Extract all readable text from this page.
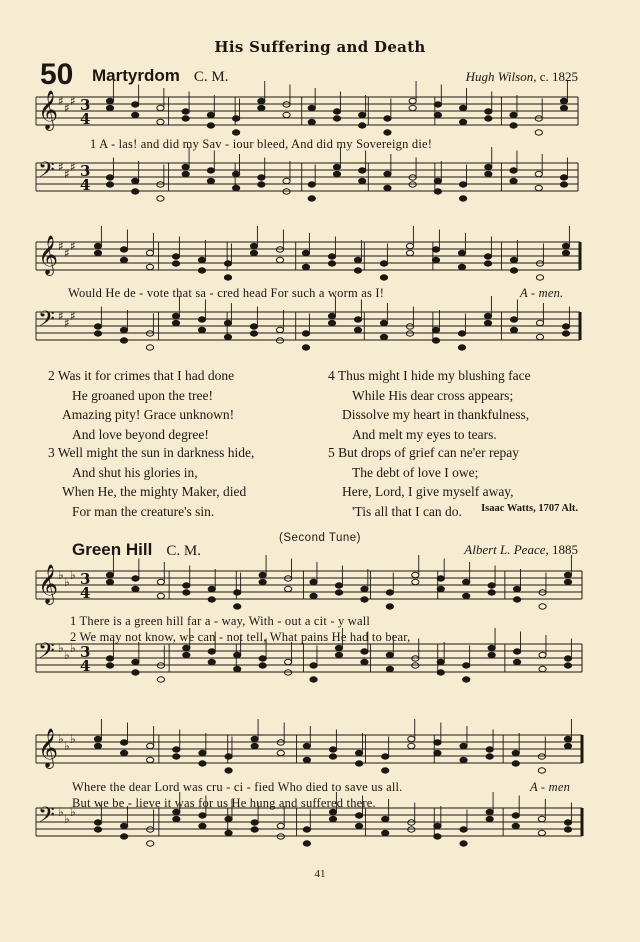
His Suffering and Death
50 Martyrdom C. M.	Hugh Wilson, c. 1825
𝄞 ♯ ♯ ♯ 3
4
𝄢 ♯ ♯ ♯ 3
4
𝄞 ♯ ♯ ♯
𝄢 ♯ ♯ ♯
𝄞 ♭ ♭ ♭ 3
4
𝄢 ♭ ♭ ♭ 3
4
𝄞 ♭ ♭ ♭
𝄢 ♭ ♭ ♭
1 A - las! and did my Sav - iour bleed, And did my Sovereign die!
Would He de - vote that sa - cred head For such a worm as I!	A - men.
2 Was it for crimes that I had done
He groaned upon the tree!
Amazing pity! Grace unknown!
And love beyond degree!
3 Well might the sun in darkness hide,
And shut his glories in,
When He, the mighty Maker, died
For man the creature's sin.
4 Thus might I hide my blushing face
While His dear cross appears;
Dissolve my heart in thankfulness,
And melt my eyes to tears.
5 But drops of grief can ne'er repay
The debt of love I owe;
Here, Lord, I give myself away,
'Tis all that I can do.	Isaac Watts, 1707 Alt.
(Second Tune)
Green Hill C. M.	Albert L. Peace, 1885
1 There is a green hill far a - way, With - out a cit - y wall
2 We may not know, we can - not tell, What pains He had to bear,
Where the dear Lord was cru - ci - fied Who died to save us all.
But we be - lieve it was for us He hung and suffered there.
A - men
41
